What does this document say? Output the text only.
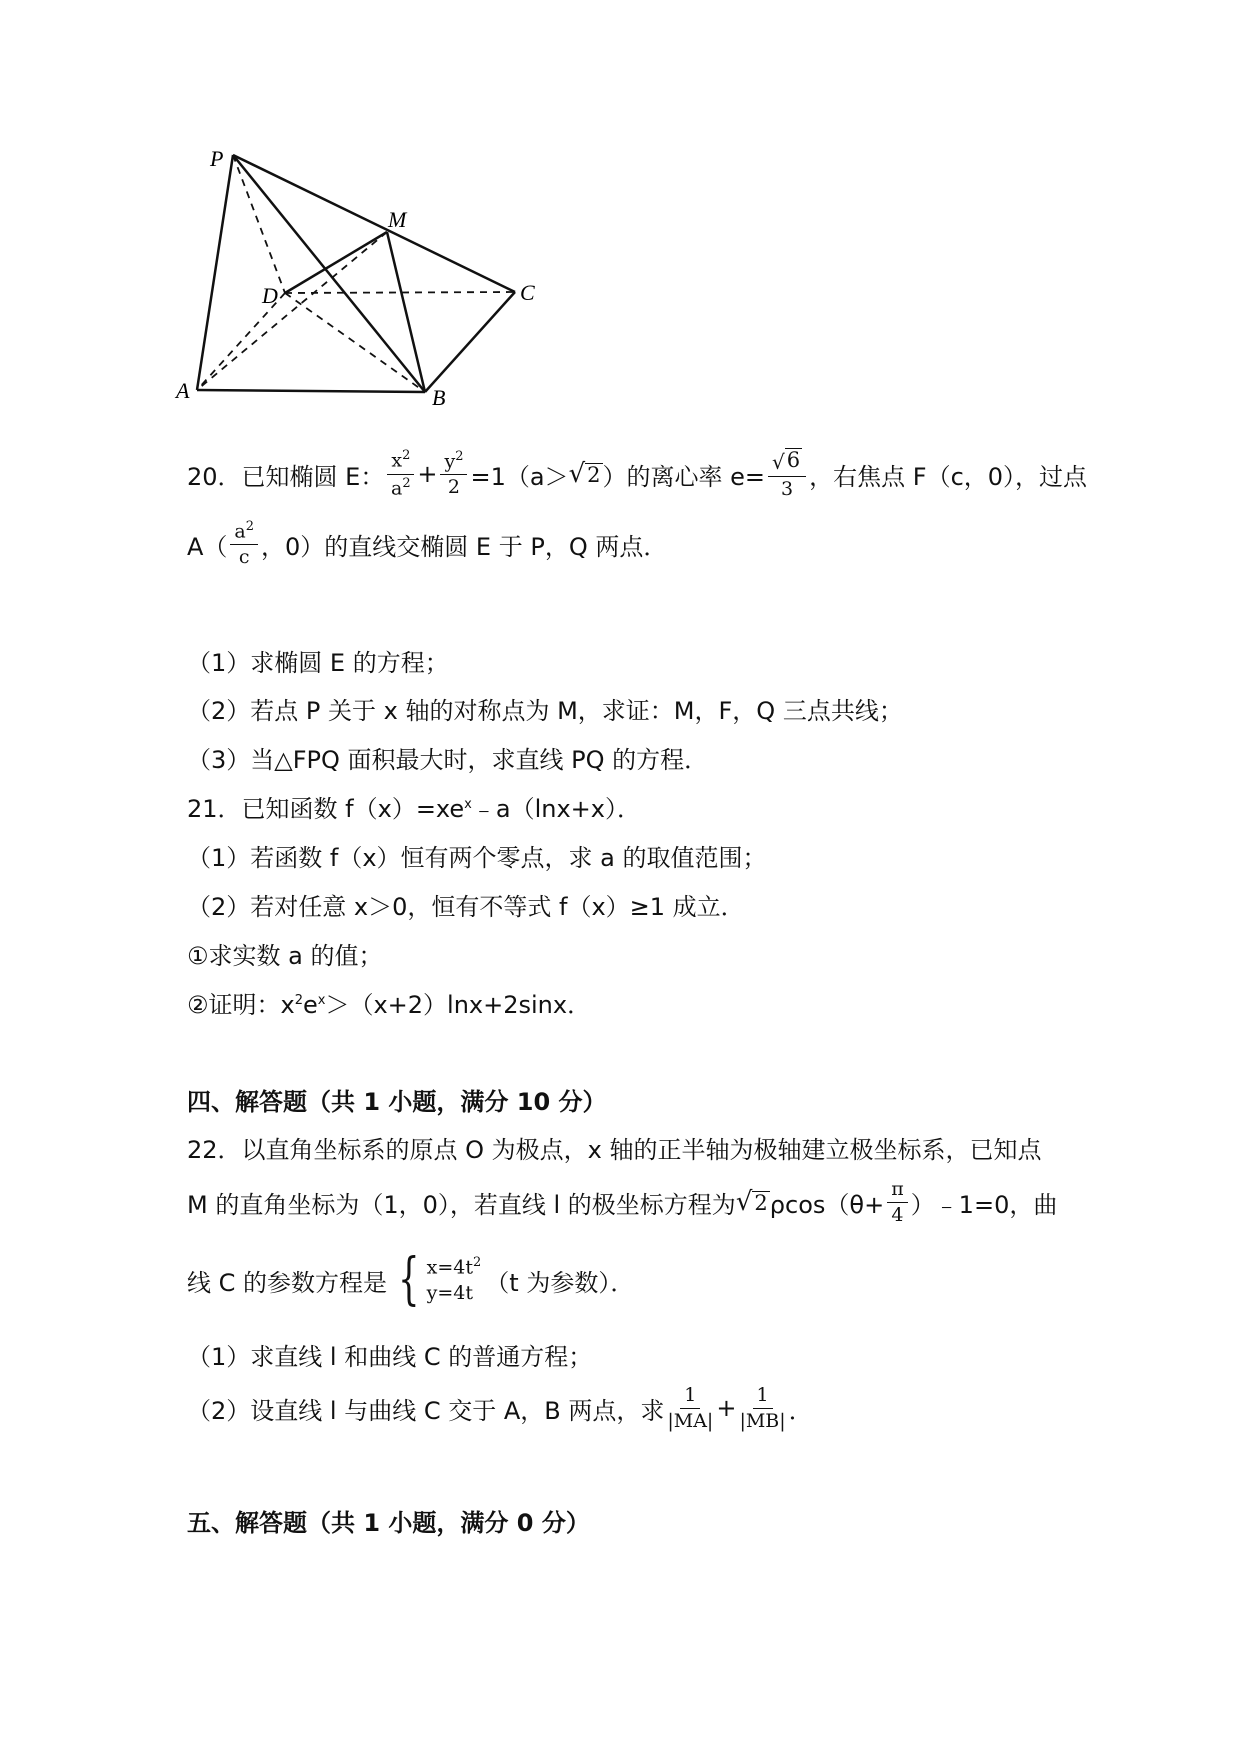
P
M
D	C
A	B
20．已知椭圆 E： $\frac{x^2}{a^2} + \frac{y^2}{2} =1(a>$ √ 2 ）的离心率 $e= \frac{√ 6}{3}$ ，右焦点 F（c，0），过点
$A( \frac{a^2}{c}$ ，0）的直线交椭圆 E 于 P，Q 两点．
（1）求椭圆 E 的方程；
（2）若点 P 关于 x 轴的对称点为 M，求证：M，F，Q 三点共线；
（3）当△FPQ 面积最大时，求直线 PQ 的方程．
21．已知函数 $f(x)=xe^x﹣a(\ln x+x)$．
（1）若函数 f（x）恒有两个零点，求 a 的取值范围；
（2）若对任意 x＞0，恒有不等式 f（x）≥1 成立．
①求实数 a 的值；
②证明：$x^2e^x>(x+2)\ln x+2\sin x$．
四、解答题（共 1 小题，满分 10 分）
22．以直角坐标系的原点 O 为极点，x 轴的正半轴为极轴建立极坐标系，已知点
M 的直角坐标为（1，0），若直线 l 的极坐标方程为 √ 2 $\rho\cos(\theta+ \frac{\pi}{4}$ ）﹣1=0，曲
线 C 的参数方程是 { $x=4t^2$
y=4t （t 为参数）．
（1）求直线 l 和曲线 C 的普通方程；
（2）设直线 l 与曲线 C 交于 A，B 两点，求 $\frac{1}{|MA|} + \frac{1}{|MB|}$ ．
五、解答题（共 1 小题，满分 0 分）
